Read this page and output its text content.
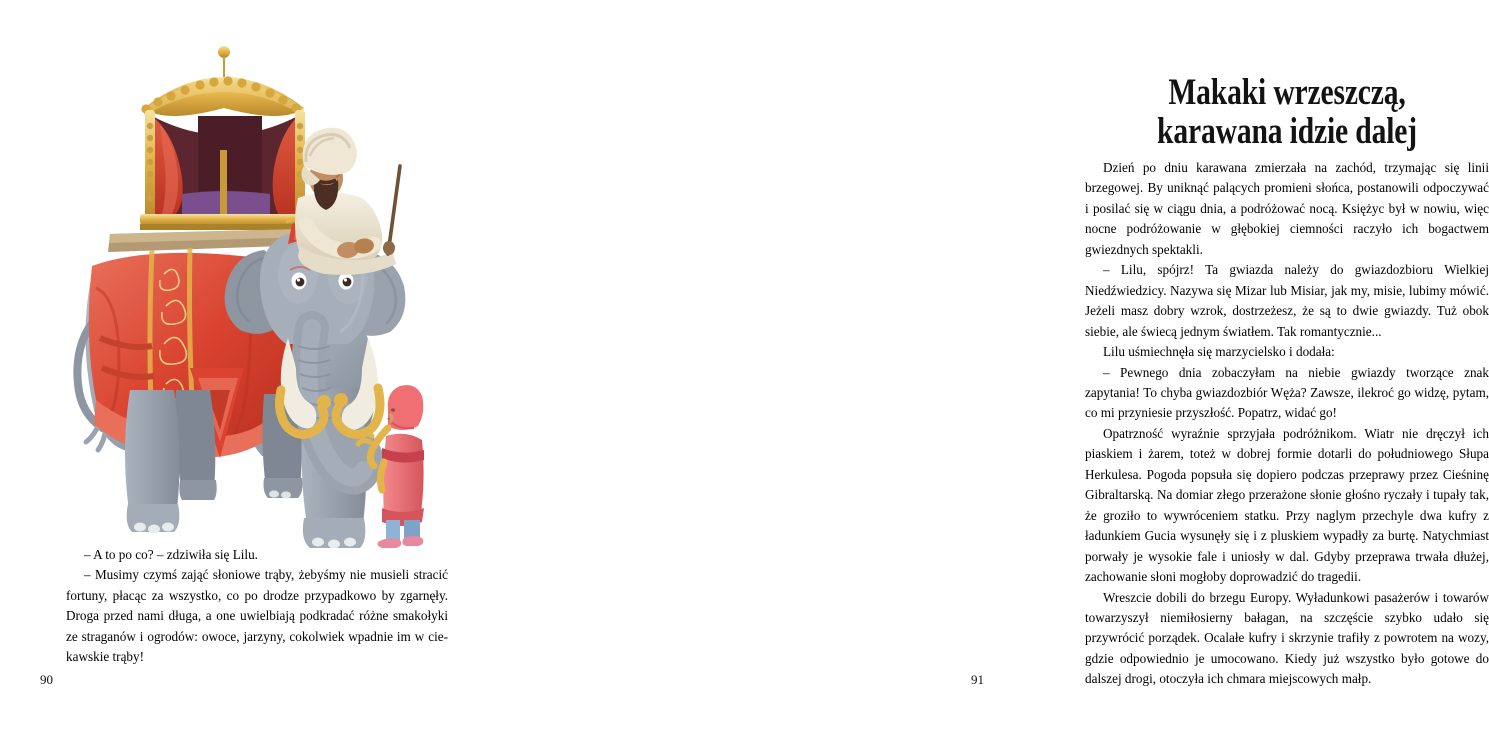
– A to po co? – zdziwiła się Lilu.

– Musimy czymś zająć słoniowe trąby, żebyśmy nie musieli stracić fortuny, płacąc za wszystko, co po drodze przypadkowo by zgarnęły. Droga przed nami długa, a one uwielbiają podkradać różne smakołyki ze straganów i ogrodów: owoce, jarzyny, cokolwiek wpadnie im w ciekawskie trąby!

90
Makaki wrzeszczą,
karawana idzie dalej

Dzień po dniu karawana zmierzała na zachód, trzymając się linii brzegowej. By uniknąć palących promieni słońca, postanowili odpoczywać i posilać się w ciągu dnia, a podróżować nocą. Księżyc był w nowiu, więc nocne podróżowanie w głębokiej ciemności raczyło ich bogactwem gwiezdnych spektakli.

– Lilu, spójrz! Ta gwiazda należy do gwiazdozbioru Wielkiej Niedźwiedzicy. Nazywa się Mizar lub Misiar, jak my, misie, lubimy mówić. Jeżeli masz dobry wzrok, dostrzeżesz, że są to dwie gwiazdy. Tuż obok siebie, ale świecą jednym światłem. Tak romantycznie...

Lilu uśmiechnęła się marzycielsko i dodała:

– Pewnego dnia zobaczyłam na niebie gwiazdy tworzące znak zapytania! To chyba gwiazdozbiór Węża? Zawsze, ilekroć go widzę, pytam, co mi przyniesie przyszłość. Popatrz, widać go!

Opatrzność wyraźnie sprzyjała podróżnikom. Wiatr nie dręczył ich piaskiem i żarem, toteż w dobrej formie dotarli do południowego Słupa Herkulesa. Pogoda popsuła się dopiero podczas przeprawy przez Cieśninę Gibraltarską. Na domiar złego przerażone słonie głośno ryczały i tupały tak, że groziło to wywróceniem statku. Przy naglym przechyle dwa kufry z ładunkiem Gucia wysunęły się i z pluskiem wypadły za burtę. Natychmiast porwały je wysokie fale i uniosły w dal. Gdyby przeprawa trwała dłużej, zachowanie słoni mogłoby doprowadzić do tragedii.

Wreszcie dobili do brzegu Europy. Wyładunkowi pasażerów i towarów towarzyszył niemiłosierny bałagan, na szczęście szybko udało się przywrócić porządek. Ocalałe kufry i skrzynie trafiły z powrotem na wozy, gdzie odpowiednio je umocowano. Kiedy już wszystko było gotowe do dalszej drogi, otoczyła ich chmara miejscowych małp.

91
